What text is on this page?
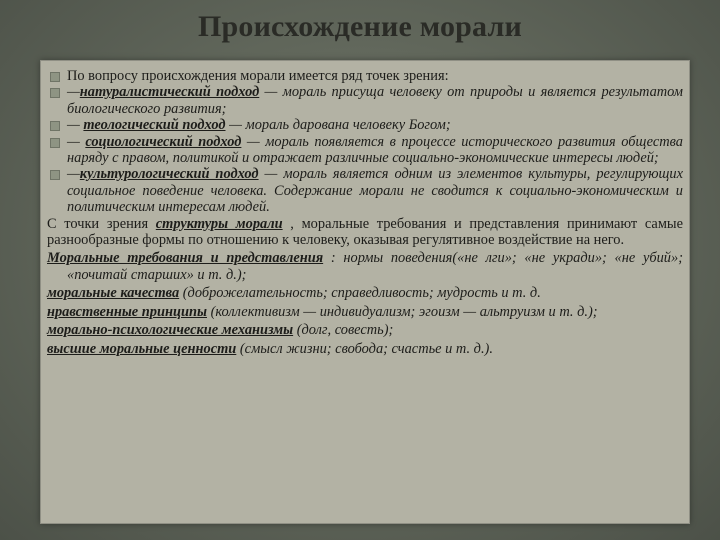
Происхождение морали

По вопросу происхождения морали имеется ряд точек зрения:

—натуралистический подход — мораль присуща человеку от природы и является результатом биологического развития;

— теологический подход — мораль дарована человеку Богом;

— социологический подход — мораль появляется в процессе исторического развития общества наряду с правом, политикой и отражает различные социально-экономические интересы людей;

—культурологический подход — мораль является одним из элементов культуры, регулирующих социальное поведение человека. Содержание морали не сводится к социально-экономическим и политическим интересам людей.

С точки зрения структуры морали , моральные требования и представления принимают самые разнообразные формы по отношению к человеку, оказывая регулятивное воздействие на него.

Моральные требования и представления : нормы поведения(«не лги»; «не укради»; «не убий»; «почитай старших» и т. д.);

моральные качества (доброжелательность; справедливость; мудрость и т. д.

нравственные принципы (коллективизм — индивидуализм; эгоизм — альтруизм и т. д.);

морально-психологические механизмы (долг, совесть);

высшие моральные ценности (смысл жизни; свобода; счастье и т. д.).
